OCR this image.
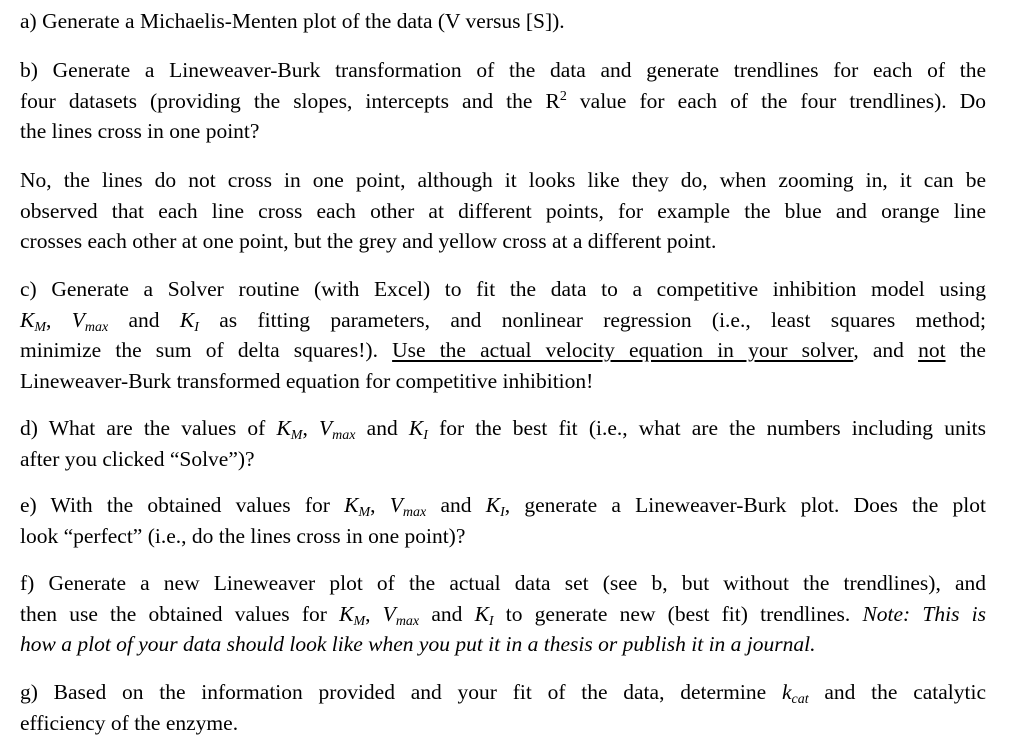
a) Generate a Michaelis-Menten plot of the data (V versus [S]).

b) Generate a Lineweaver-Burk transformation of the data and generate trendlines for each of the
four datasets (providing the slopes, intercepts and the $R^2$ value for each of the four trendlines). Do
the lines cross in one point?

No, the lines do not cross in one point, although it looks like they do, when zooming in, it can be
observed that each line cross each other at different points, for example the blue and orange line
crosses each other at one point, but the grey and yellow cross at a different point.

c) Generate a Solver routine (with Excel) to fit the data to a competitive inhibition model using
$K_M$, $V_{max}$ and $K_I$ as fitting parameters, and nonlinear regression (i.e., least squares method;
minimize the sum of delta squares!). Use the actual velocity equation in your solver, and not the
Lineweaver-Burk transformed equation for competitive inhibition!

d) What are the values of $K_M$, $V_{max}$ and $K_I$ for the best fit (i.e., what are the numbers including units
after you clicked “Solve”)?

e) With the obtained values for $K_M$, $V_{max}$ and $K_I$, generate a Lineweaver-Burk plot. Does the plot
look “perfect” (i.e., do the lines cross in one point)?

f) Generate a new Lineweaver plot of the actual data set (see b, but without the trendlines), and
then use the obtained values for $K_M$, $V_{max}$ and $K_I$ to generate new (best fit) trendlines. Note: This is
how a plot of your data should look like when you put it in a thesis or publish it in a journal.

g) Based on the information provided and your fit of the data, determine $k_{cat}$ and the catalytic
efficiency of the enzyme.
